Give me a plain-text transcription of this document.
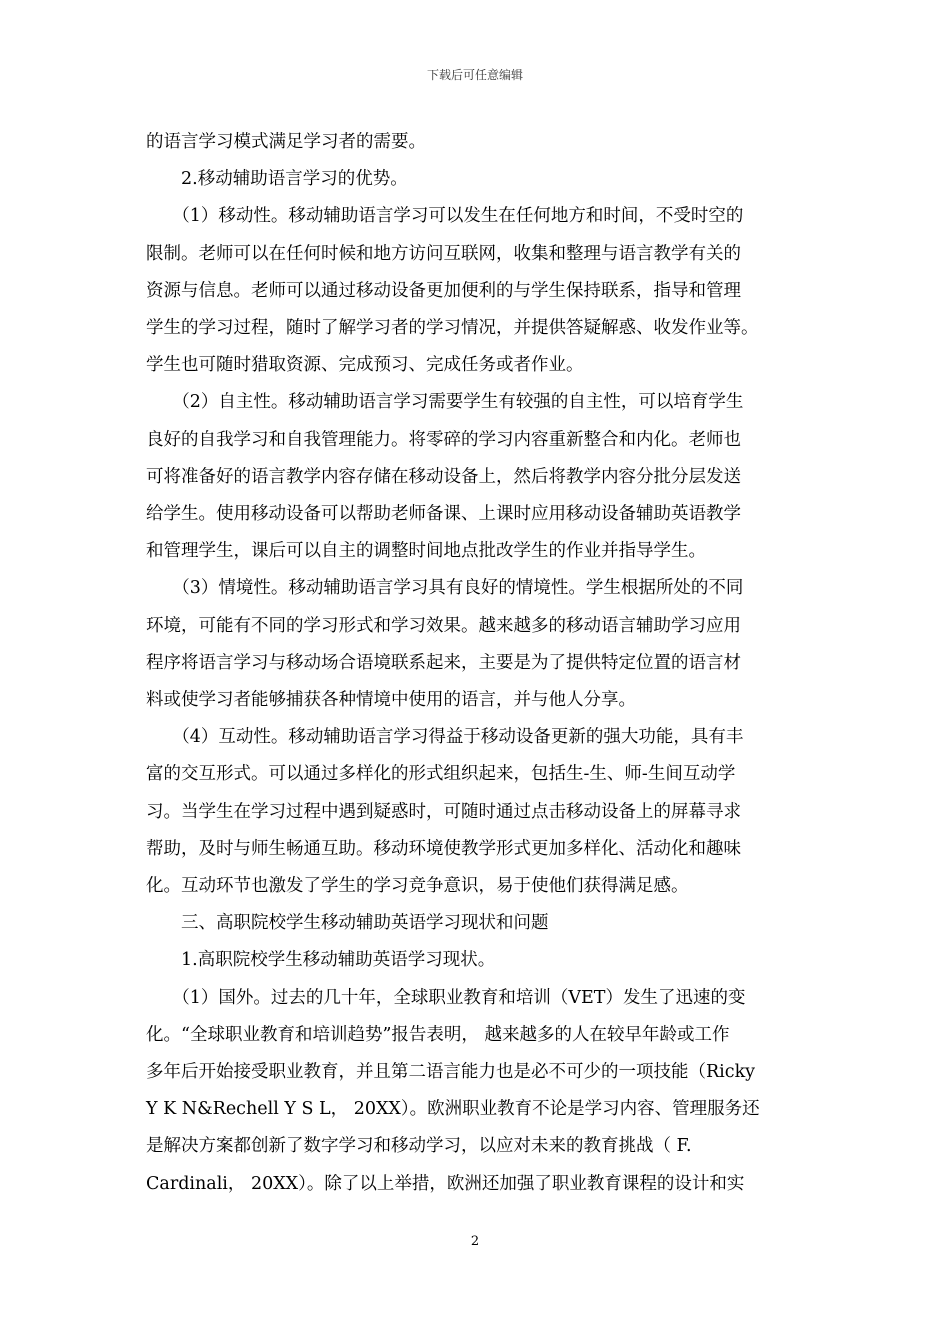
下载后可任意编辑

的语言学习模式满足学习者的需要。

　　2.移动辅助语言学习的优势。

　　（1）移动性。移动辅助语言学习可以发生在任何地方和时间，不受时空的

限制。老师可以在任何时候和地方访问互联网，收集和整理与语言教学有关的

资源与信息。老师可以通过移动设备更加便利的与学生保持联系，指导和管理

学生的学习过程，随时了解学习者的学习情况，并提供答疑解惑、收发作业等。

学生也可随时猎取资源、完成预习、完成任务或者作业。

　　（2）自主性。移动辅助语言学习需要学生有较强的自主性，可以培育学生

良好的自我学习和自我管理能力。将零碎的学习内容重新整合和内化。老师也

可将准备好的语言教学内容存储在移动设备上，然后将教学内容分批分层发送

给学生。使用移动设备可以帮助老师备课、上课时应用移动设备辅助英语教学

和管理学生，课后可以自主的调整时间地点批改学生的作业并指导学生。

　　（3）情境性。移动辅助语言学习具有良好的情境性。学生根据所处的不同

环境，可能有不同的学习形式和学习效果。越来越多的移动语言辅助学习应用

程序将语言学习与移动场合语境联系起来，主要是为了提供特定位置的语言材

料或使学习者能够捕获各种情境中使用的语言，并与他人分享。

　　（4）互动性。移动辅助语言学习得益于移动设备更新的强大功能，具有丰

富的交互形式。可以通过多样化的形式组织起来，包括生-生、师-生间互动学

习。当学生在学习过程中遇到疑惑时，可随时通过点击移动设备上的屏幕寻求

帮助，及时与师生畅通互助。移动环境使教学形式更加多样化、活动化和趣味

化。互动环节也激发了学生的学习竞争意识，易于使他们获得满足感。

　　三、高职院校学生移动辅助英语学习现状和问题

　　1.高职院校学生移动辅助英语学习现状。

　　（1）国外。过去的几十年，全球职业教育和培训（VET）发生了迅速的变

化。“全球职业教育和培训趋势”报告表明， 越来越多的人在较早年龄或工作

多年后开始接受职业教育，并且第二语言能力也是必不可少的一项技能（Ricky

Y K N&Rechell Y S L， 20XX）。欧洲职业教育不论是学习内容、管理服务还

是解决方案都创新了数字学习和移动学习，以应对未来的教育挑战（ F.

Cardinali， 20XX）。除了以上举措，欧洲还加强了职业教育课程的设计和实

2
